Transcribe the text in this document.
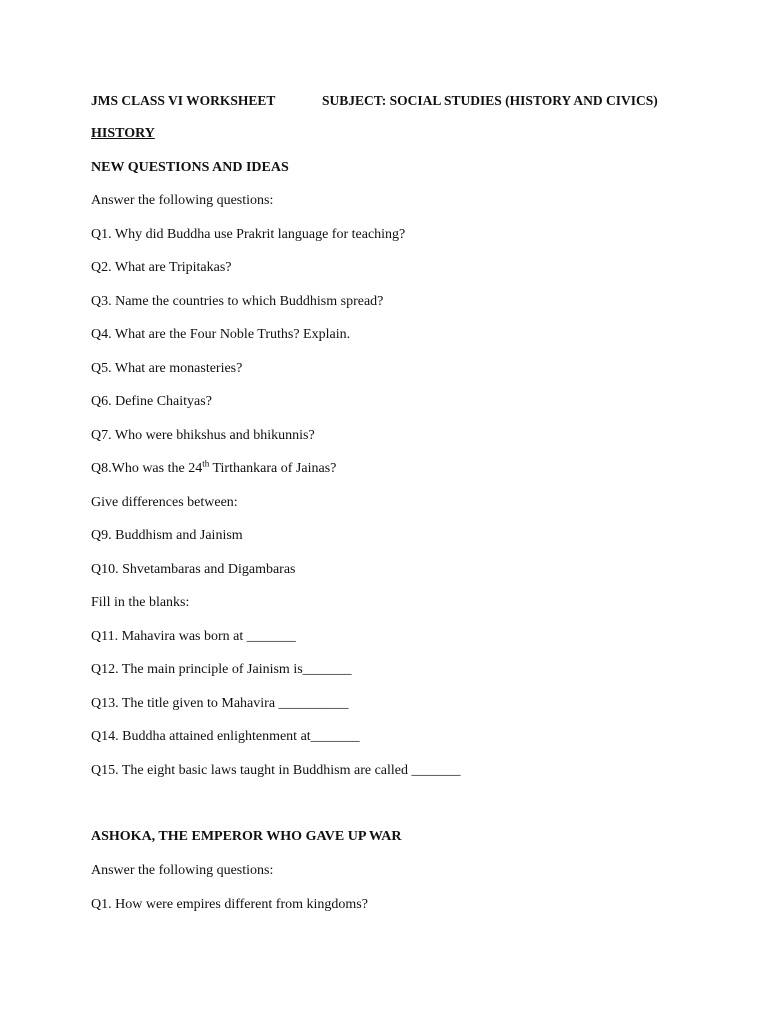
JMS CLASS VI WORKSHEET	SUBJECT: SOCIAL STUDIES (HISTORY AND CIVICS)
HISTORY
NEW QUESTIONS AND IDEAS
Answer the following questions:
Q1. Why did Buddha use Prakrit language for teaching?
Q2. What are Tripitakas?
Q3. Name the countries to which Buddhism spread?
Q4. What are the Four Noble Truths? Explain.
Q5. What are monasteries?
Q6. Define Chaityas?
Q7. Who were bhikshus and bhikunnis?
Q8.Who was the 24th Tirthankara of Jainas?
Give differences between:
Q9. Buddhism and Jainism
Q10. Shvetambaras and Digambaras
Fill in the blanks:
Q11. Mahavira was born at _______
Q12. The main principle of Jainism is_______
Q13. The title given to Mahavira __________
Q14. Buddha attained enlightenment at_______
Q15. The eight basic laws taught in Buddhism are called _______
ASHOKA, THE EMPEROR WHO GAVE UP WAR
Answer the following questions:
Q1. How were empires different from kingdoms?
